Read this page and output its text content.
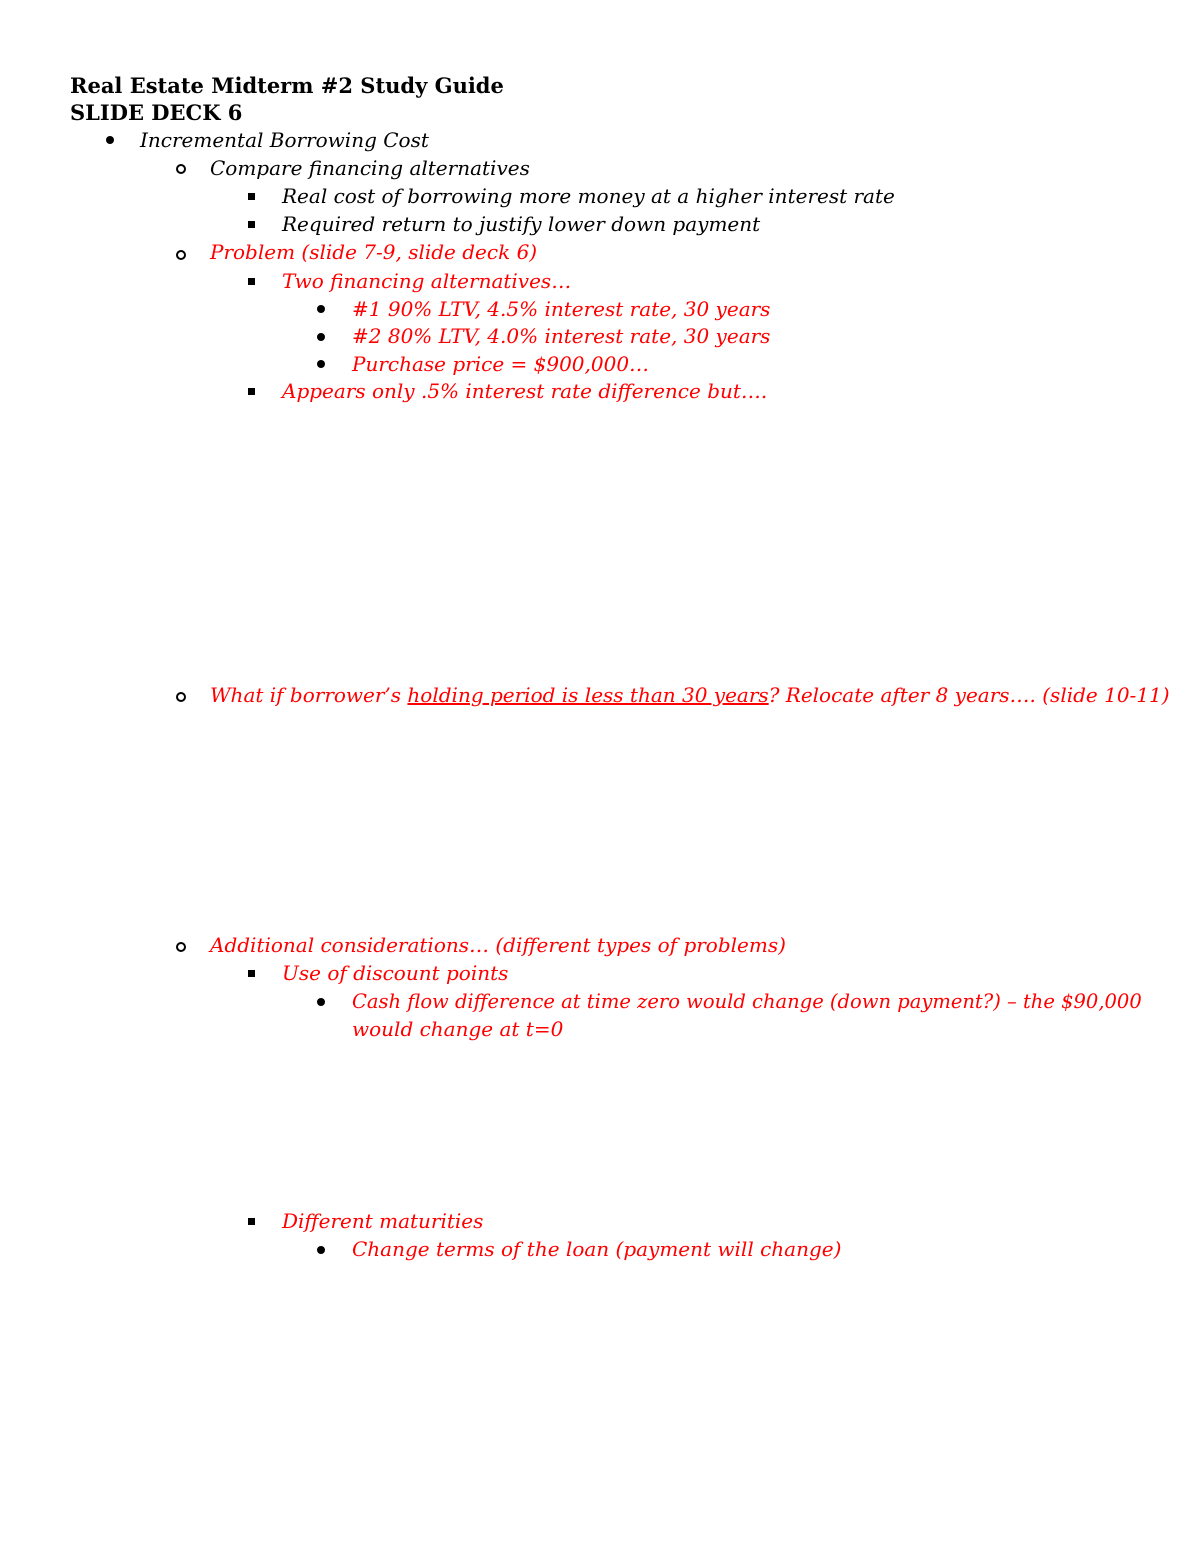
Real Estate Midterm #2 Study Guide
SLIDE DECK 6
Incremental Borrowing Cost
Compare financing alternatives
Real cost of borrowing more money at a higher interest rate
Required return to justify lower down payment
Problem (slide 7-9, slide deck 6)
Two financing alternatives…
#1 90% LTV, 4.5% interest rate, 30 years
#2 80% LTV, 4.0% interest rate, 30 years
Purchase price = $900,000…
Appears only .5% interest rate difference but….
What if borrower’s holding period is less than 30 years? Relocate after 8 years…. (slide 10-11)
Additional considerations… (different types of problems)
Use of discount points
Cash flow difference at time zero would change (down payment?) – the $90,000
would change at t=0
Different maturities
Change terms of the loan (payment will change)
